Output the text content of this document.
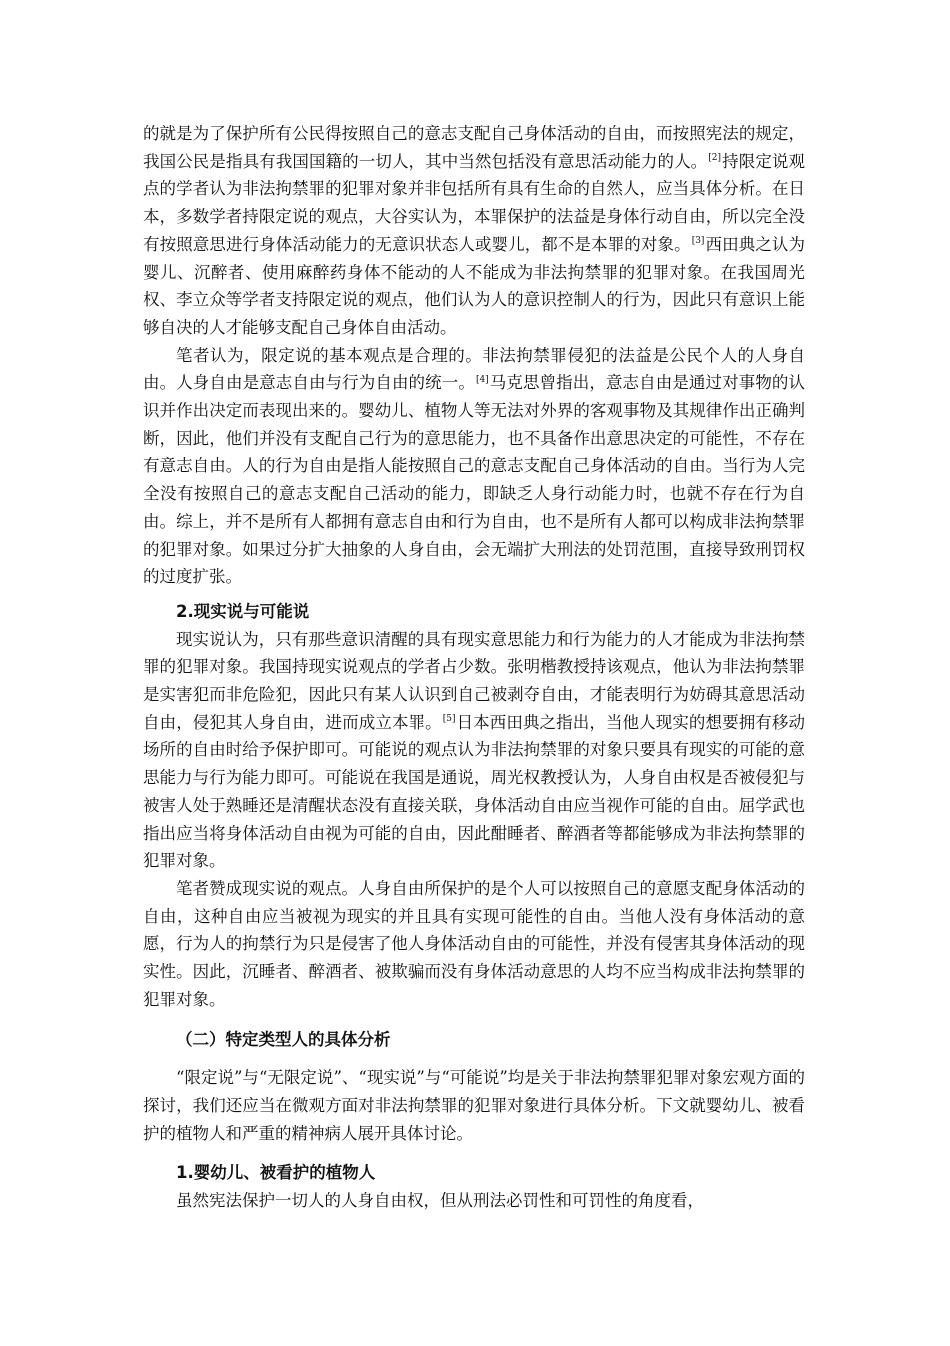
的就是为了保护所有公民得按照自己的意志支配自己身体活动的自由，而按照宪法的规定，我国公民是指具有我国国籍的一切人，其中当然包括没有意思活动能力的人。[2]持限定说观点的学者认为非法拘禁罪的犯罪对象并非包括所有具有生命的自然人，应当具体分析。在日本，多数学者持限定说的观点，大谷实认为，本罪保护的法益是身体行动自由，所以完全没有按照意思进行身体活动能力的无意识状态人或婴儿，都不是本罪的对象。[3]西田典之认为婴儿、沉醉者、使用麻醉药身体不能动的人不能成为非法拘禁罪的犯罪对象。在我国周光权、李立众等学者支持限定说的观点，他们认为人的意识控制人的行为，因此只有意识上能够自决的人才能够支配自己身体自由活动。

笔者认为，限定说的基本观点是合理的。非法拘禁罪侵犯的法益是公民个人的人身自由。人身自由是意志自由与行为自由的统一。[4]马克思曾指出，意志自由是通过对事物的认识并作出决定而表现出来的。婴幼儿、植物人等无法对外界的客观事物及其规律作出正确判断，因此，他们并没有支配自己行为的意思能力，也不具备作出意思决定的可能性，不存在有意志自由。人的行为自由是指人能按照自己的意志支配自己身体活动的自由。当行为人完全没有按照自己的意志支配自己活动的能力，即缺乏人身行动能力时，也就不存在行为自由。综上，并不是所有人都拥有意志自由和行为自由，也不是所有人都可以构成非法拘禁罪的犯罪对象。如果过分扩大抽象的人身自由，会无端扩大刑法的处罚范围，直接导致刑罚权的过度扩张。

2.现实说与可能说

现实说认为，只有那些意识清醒的具有现实意思能力和行为能力的人才能成为非法拘禁罪的犯罪对象。我国持现实说观点的学者占少数。张明楷教授持该观点，他认为非法拘禁罪是实害犯而非危险犯，因此只有某人认识到自己被剥夺自由，才能表明行为妨碍其意思活动自由，侵犯其人身自由，进而成立本罪。[5]日本西田典之指出，当他人现实的想要拥有移动场所的自由时给予保护即可。可能说的观点认为非法拘禁罪的对象只要具有现实的可能的意思能力与行为能力即可。可能说在我国是通说，周光权教授认为，人身自由权是否被侵犯与被害人处于熟睡还是清醒状态没有直接关联，身体活动自由应当视作可能的自由。屈学武也指出应当将身体活动自由视为可能的自由，因此酣睡者、醉酒者等都能够成为非法拘禁罪的犯罪对象。

笔者赞成现实说的观点。人身自由所保护的是个人可以按照自己的意愿支配身体活动的自由，这种自由应当被视为现实的并且具有实现可能性的自由。当他人没有身体活动的意愿，行为人的拘禁行为只是侵害了他人身体活动自由的可能性，并没有侵害其身体活动的现实性。因此，沉睡者、醉酒者、被欺骗而没有身体活动意思的人均不应当构成非法拘禁罪的犯罪对象。

（二）特定类型人的具体分析

“限定说”与“无限定说”、“现实说”与“可能说”均是关于非法拘禁罪犯罪对象宏观方面的探讨，我们还应当在微观方面对非法拘禁罪的犯罪对象进行具体分析。下文就婴幼儿、被看护的植物人和严重的精神病人展开具体讨论。

1.婴幼儿、被看护的植物人

虽然宪法保护一切人的人身自由权，但从刑法必罚性和可罚性的角度看，
